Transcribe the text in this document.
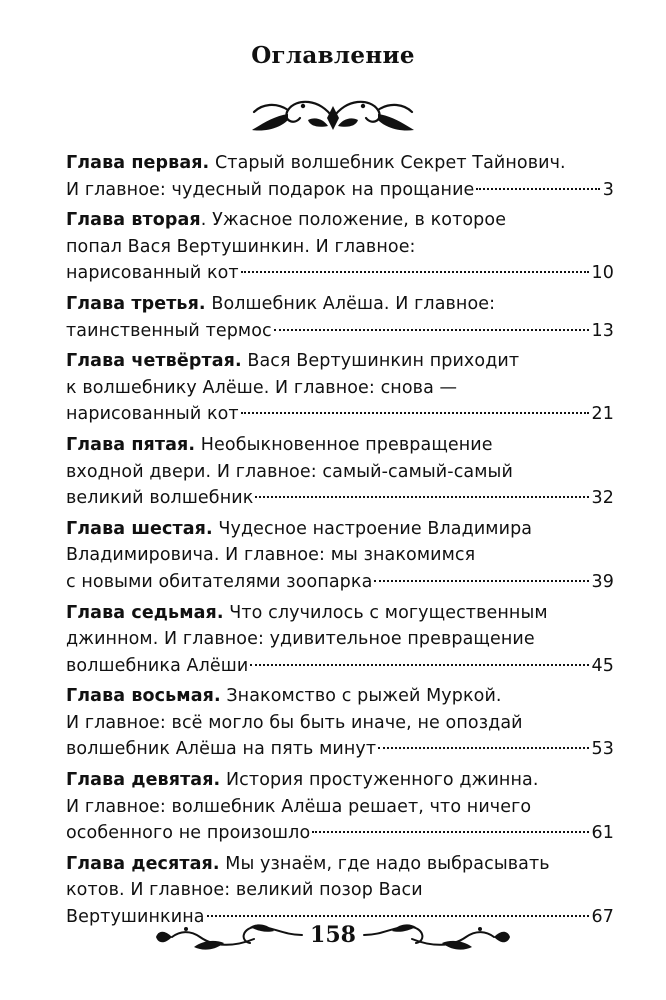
Оглавление
Глава первая. Старый волшебник Секрет Тайнович.
И главное: чудесный подарок на прощание	3
Глава вторая. Ужасное положение, в которое
попал Вася Вертушинкин. И главное:
нарисованный кот	10
Глава третья. Волшебник Алёша. И главное:
таинственный термос	13
Глава четвёртая. Вася Вертушинкин приходит
к волшебнику Алёше. И главное: снова —
нарисованный кот	21
Глава пятая. Необыкновенное превращение
входной двери. И главное: самый-самый-самый
великий волшебник	32
Глава шестая. Чудесное настроение Владимира
Владимировича. И главное: мы знакомимся
с новыми обитателями зоопарка	39
Глава седьмая. Что случилось с могущественным
джинном. И главное: удивительное превращение
волшебника Алёши	45
Глава восьмая. Знакомство с рыжей Муркой.
И главное: всё могло бы быть иначе, не опоздай
волшебник Алёша на пять минут	53
Глава девятая. История простуженного джинна.
И главное: волшебник Алёша решает, что ничего
особенного не произошло	61
Глава десятая. Мы узнаём, где надо выбрасывать
котов. И главное: великий позор Васи
Вертушинкина	67
158
